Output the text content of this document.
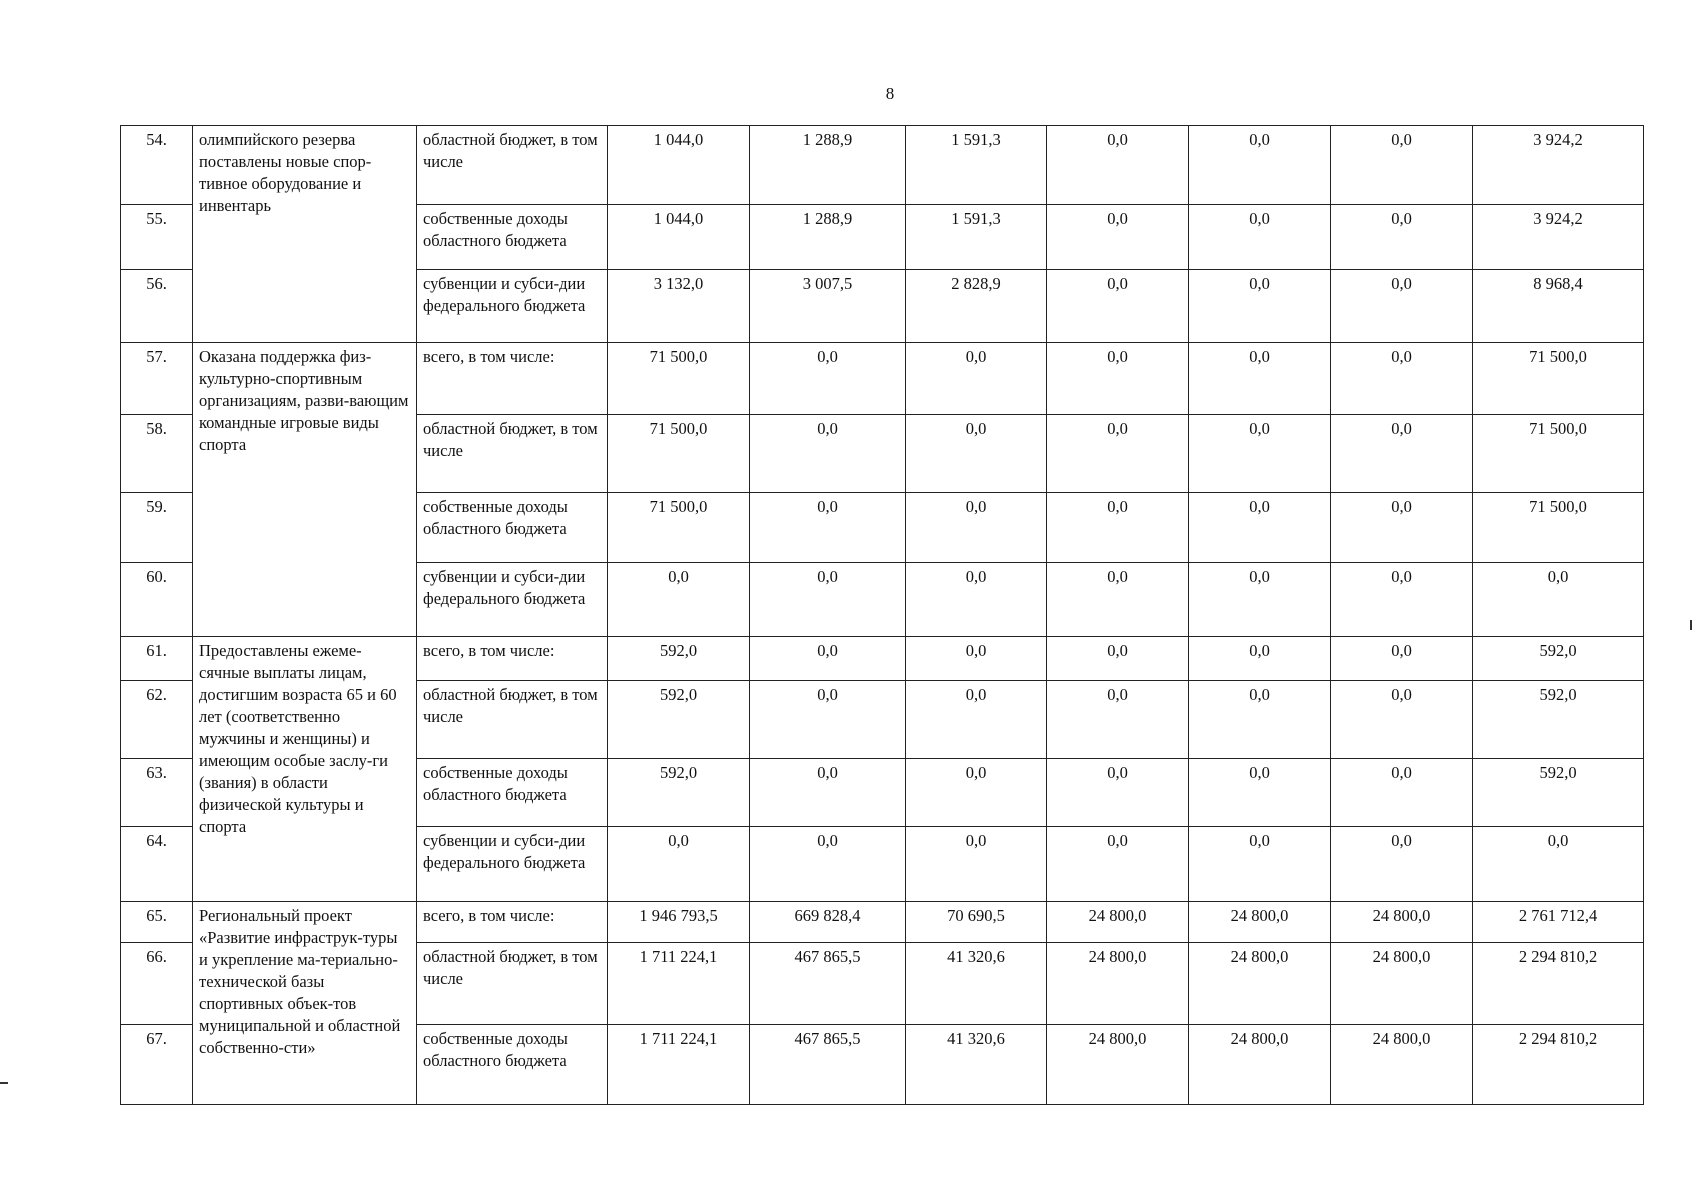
8
54.	олимпийского резерва поставлены новые спор-тивное оборудование и инвентарь	областной бюджет, в том числе	1 044,0	1 288,9	1 591,3	0,0	0,0	0,0	3 924,2
55.		собственные доходы областного бюджета	1 044,0	1 288,9	1 591,3	0,0	0,0	0,0	3 924,2
56.		субвенции и субси-дии федерального бюджета	3 132,0	3 007,5	2 828,9	0,0	0,0	0,0	8 968,4
57.	Оказана поддержка физ-культурно-спортивным организациям, разви-вающим командные игровые виды спорта	всего, в том числе:	71 500,0	0,0	0,0	0,0	0,0	0,0	71 500,0
58.		областной бюджет, в том числе	71 500,0	0,0	0,0	0,0	0,0	0,0	71 500,0
59.		собственные доходы областного бюджета	71 500,0	0,0	0,0	0,0	0,0	0,0	71 500,0
60.		субвенции и субси-дии федерального бюджета	0,0	0,0	0,0	0,0	0,0	0,0	0,0
61.	Предоставлены ежеме-сячные выплаты лицам, достигшим возраста 65 и 60 лет (соответственно мужчины и женщины) и имеющим особые заслу-ги (звания) в области физической культуры и спорта	всего, в том числе:	592,0	0,0	0,0	0,0	0,0	0,0	592,0
62.		областной бюджет, в том числе	592,0	0,0	0,0	0,0	0,0	0,0	592,0
63.		собственные доходы областного бюджета	592,0	0,0	0,0	0,0	0,0	0,0	592,0
64.		субвенции и субси-дии федерального бюджета	0,0	0,0	0,0	0,0	0,0	0,0	0,0
65.	Региональный проект «Развитие инфраструк-туры и укрепление ма-териально-технической базы спортивных объек-тов муниципальной и областной собственно-сти»	всего, в том числе:	1 946 793,5	669 828,4	70 690,5	24 800,0	24 800,0	24 800,0	2 761 712,4
66.		областной бюджет, в том числе	1 711 224,1	467 865,5	41 320,6	24 800,0	24 800,0	24 800,0	2 294 810,2
67.		собственные доходы областного бюджета	1 711 224,1	467 865,5	41 320,6	24 800,0	24 800,0	24 800,0	2 294 810,2
